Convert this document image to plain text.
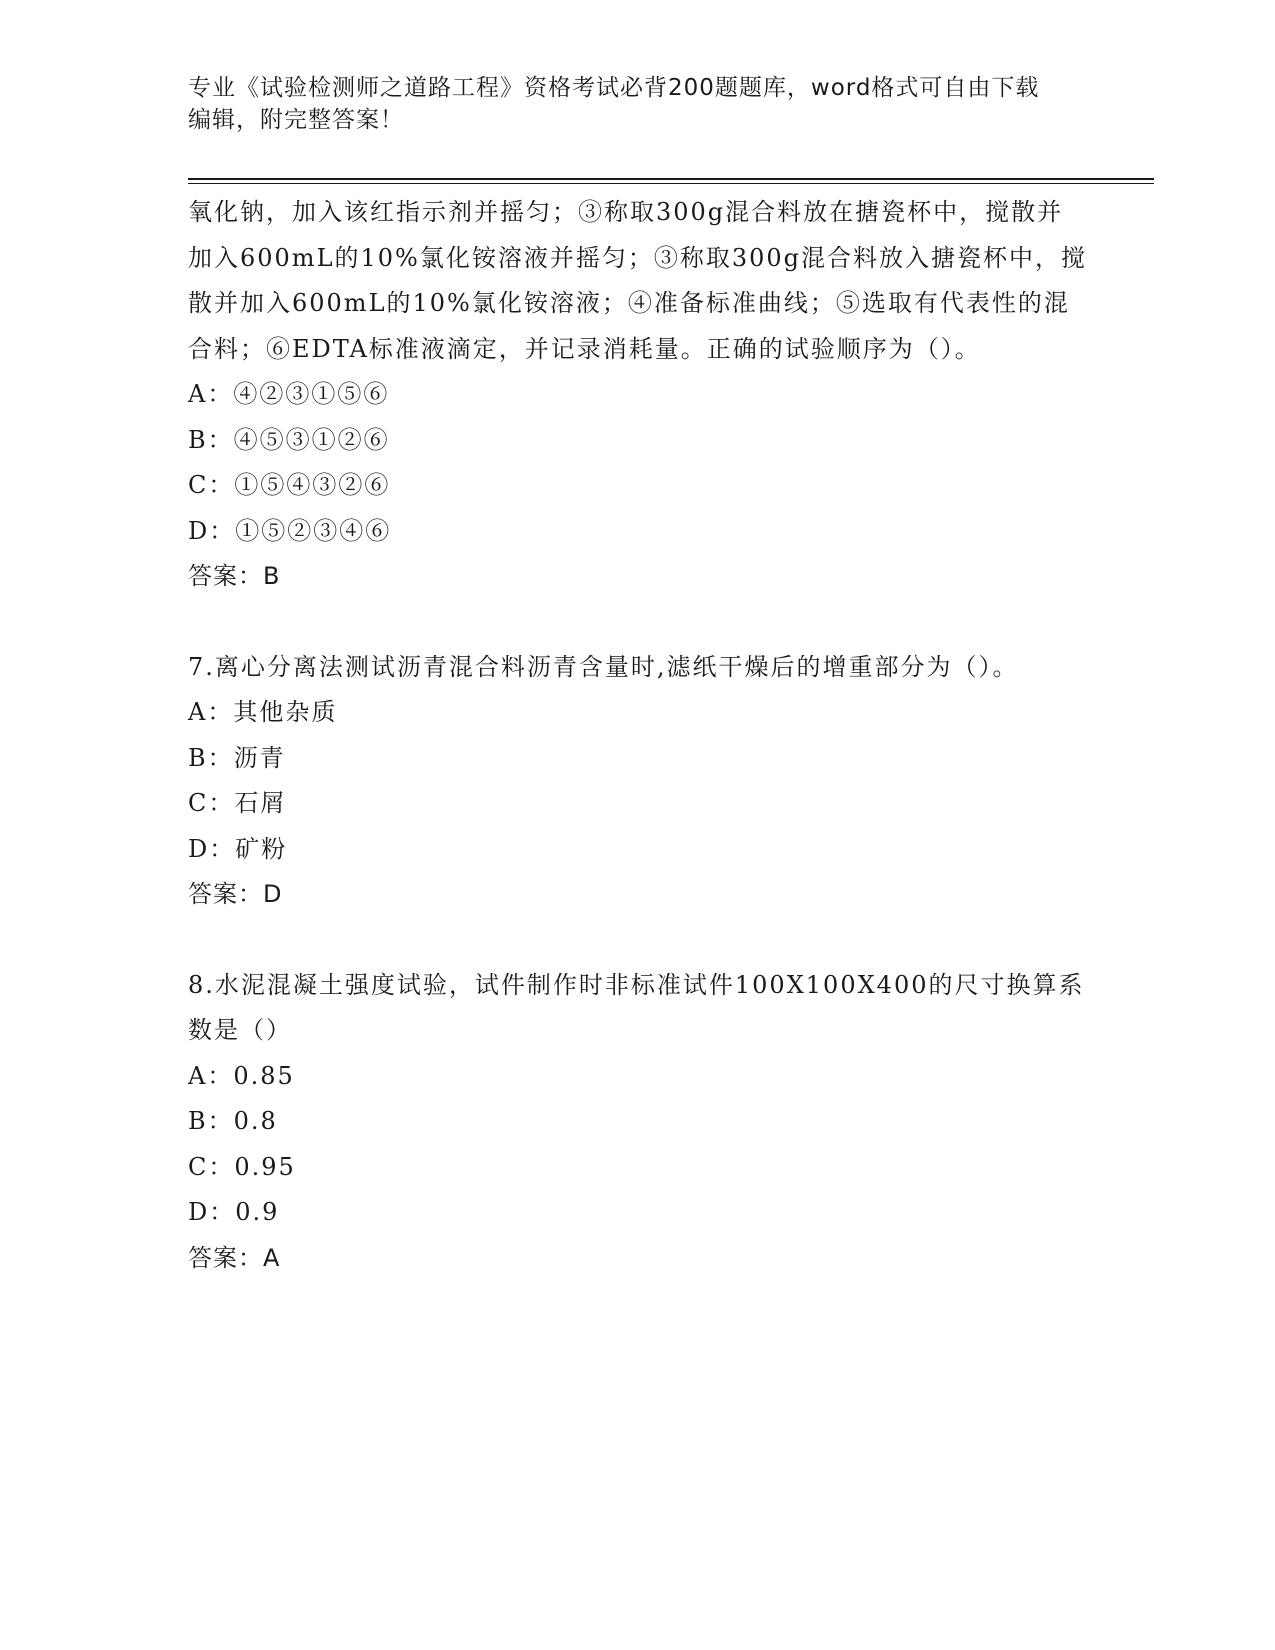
专业《试验检测师之道路工程》资格考试必背200题题库，word格式可自由下载
编辑，附完整答案！

氧化钠，加入该红指示剂并摇匀；③称取300g混合料放在搪瓷杯中，搅散并加入600mL的10%氯化铵溶液并摇匀；③称取300g混合料放入搪瓷杯中，搅散并加入600mL的10%氯化铵溶液；④准备标准曲线；⑤选取有代表性的混合料；⑥EDTA标准液滴定，并记录消耗量。正确的试验顺序为（）。

A：④②③①⑤⑥

B：④⑤③①②⑥

C：①⑤④③②⑥

D：①⑤②③④⑥

答案：B

7.离心分离法测试沥青混合料沥青含量时,滤纸干燥后的增重部分为（）。

A：其他杂质

B：沥青

C：石屑

D：矿粉

答案：D

8.水泥混凝土强度试验，试件制作时非标准试件100X100X400的尺寸换算系数是（）

A：0.85

B：0.8

C：0.95

D：0.9

答案：A
